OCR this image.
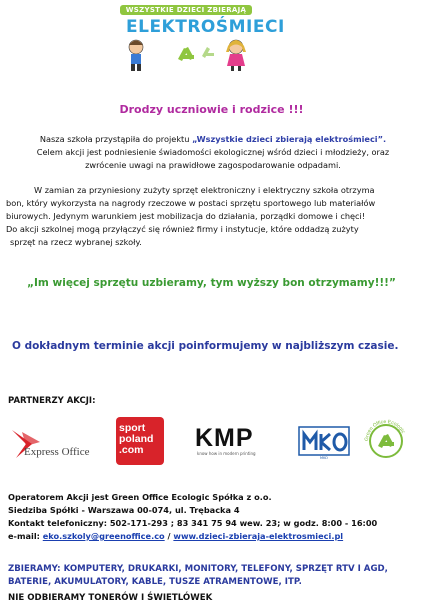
WSZYSTKIE DZIECI ZBIERAJĄ
ELEKTROŚMIECI
Drodzy uczniowie i rodzice !!!
Nasza szkoła przystąpiła do projektu „Wszystkie dzieci zbierają elektrośmieci”.
Celem akcji jest podniesienie świadomości ekologicznej wśród dzieci i młodzieży, oraz
zwrócenie uwagi na prawidłowe zagospodarowanie odpadami.
W zamian za przyniesiony zużyty sprzęt elektroniczny i elektryczny szkoła otrzyma
bon, który wykorzysta na nagrody rzeczowe w postaci sprzętu sportowego lub materiałów
biurowych. Jedynym warunkiem jest mobilizacja do działania, porządki domowe i chęci!
Do akcji szkolnej mogą przyłączyć się również firmy i instytucje, które oddadzą zużyty
sprzęt na rzecz wybranej szkoły.
„Im więcej sprzętu uzbieramy, tym wyższy bon otrzymamy!!!”
O dokładnym terminie akcji poinformujemy w najbliższym czasie.
PARTNERZY AKCJI:
Express Office
sport
poland
.com	KMP
know how in modern printing
MKO
Green Office Ecologic
Operatorem Akcji jest Green Office Ecologic Spółka z o.o.
Siedziba Spółki - Warszawa 00-074, ul. Trębacka 4
Kontakt telefoniczny: 502-171-293 ; 83 341 75 94 wew. 23; w godz. 8:00 - 16:00
e-mail: eko.szkoly@greenoffice.co / www.dzieci-zbieraja-elektrosmieci.pl
ZBIERAMY: KOMPUTERY, DRUKARKI, MONITORY, TELEFONY, SPRZĘT RTV I AGD, BATERIE, AKUMULATORY, KABLE, TUSZE ATRAMENTOWE, ITP.
NIE ODBIERAMY TONERÓW I ŚWIETLÓWEK
